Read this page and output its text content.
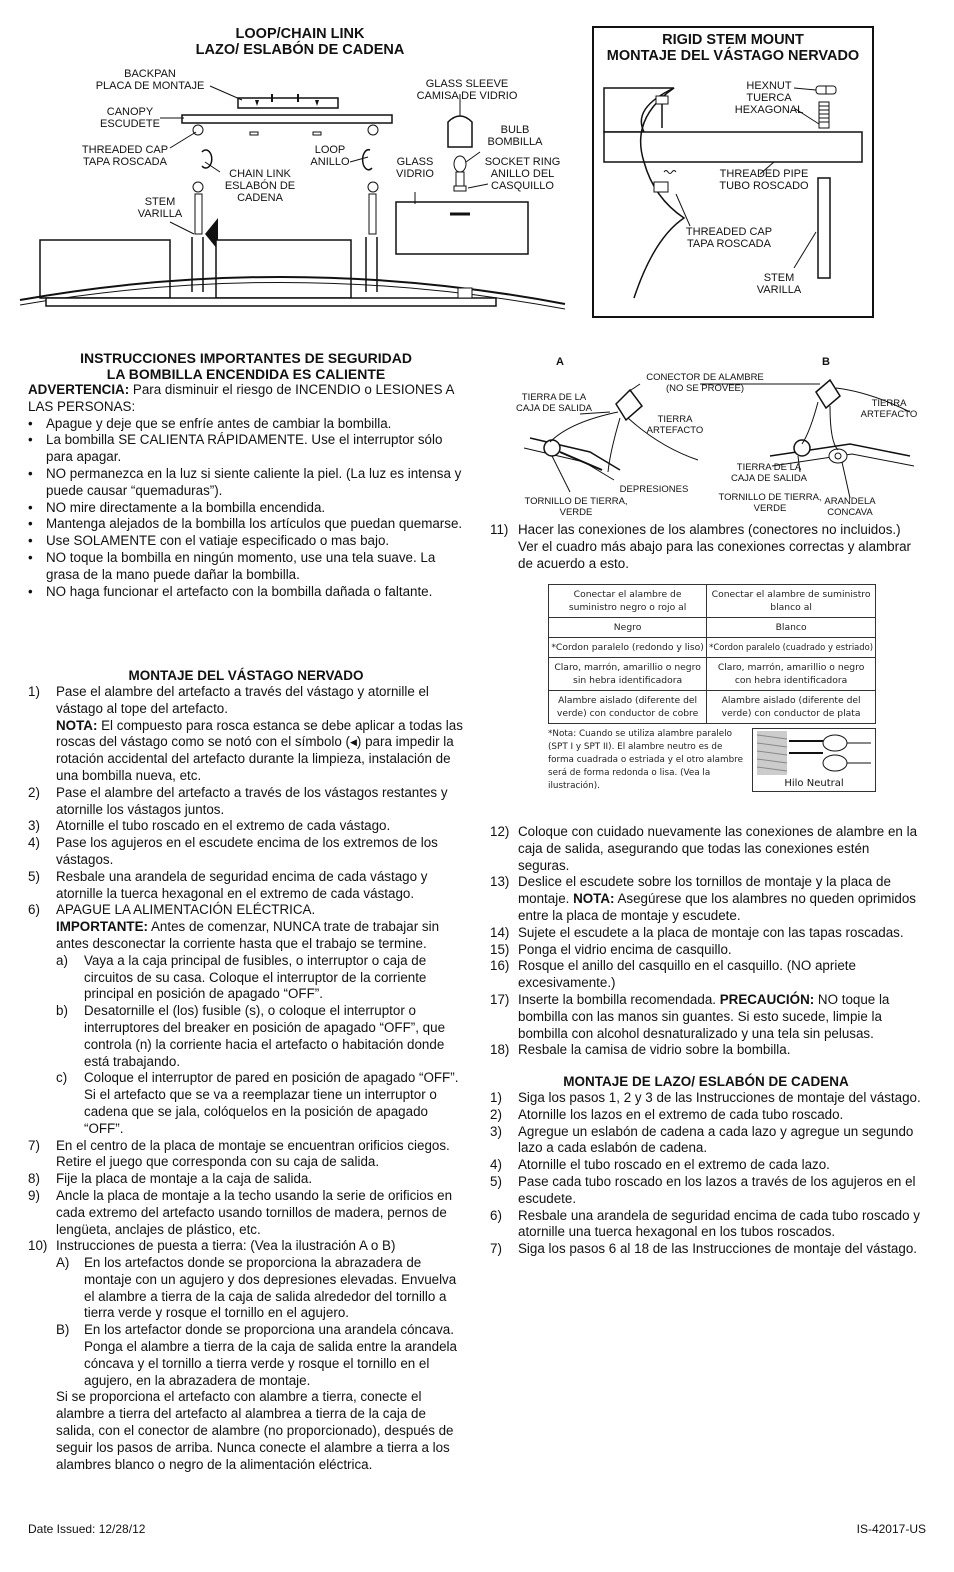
LOOP/CHAIN LINK
LAZO/ ESLABÓN DE CADENA
BACKPAN
PLACA DE MONTAJE
CANOPY
ESCUDETE
THREADED CAP
TAPA ROSCADA
CHAIN LINK
ESLABÓN DE
CADENA
STEM
VARILLA
LOOP
ANILLO	GLASS
VIDRIO
GLASS SLEEVE
CAMISA DE VIDRIO
BULB
BOMBILLA
SOCKET RING
ANILLO DEL
CASQUILLO
RIGID STEM MOUNT
MONTAJE DEL VÁSTAGO NERVADO
HEXNUT
TUERCA
HEXAGONAL
THREADED PIPE
TUBO ROSCADO
THREADED CAP
TAPA ROSCADA
STEM
VARILLA
INSTRUCCIONES IMPORTANTES DE SEGURIDAD
LA BOMBILLA ENCENDIDA ES CALIENTE
ADVERTENCIA: Para disminuir el riesgo de INCENDIO o LESIONES A LAS PERSONAS:
• Apague y deje que se enfríe antes de cambiar la bombilla.
• La bombilla SE CALIENTA RÁPIDAMENTE. Use el interruptor sólo para apagar.
• NO permanezca en la luz si siente caliente la piel. (La luz es intensa y puede causar “quemaduras”).
• NO mire directamente a la bombilla encendida.
• Mantenga alejados de la bombilla los artículos que puedan quemarse.
• Use SOLAMENTE con el vatiaje especificado o mas bajo.
• NO toque la bombilla en ningún momento, use una tela suave. La grasa de la mano puede dañar la bombilla.
• NO haga funcionar el artefacto con la bombilla dañada o faltante.
MONTAJE DEL VÁSTAGO NERVADO
1)	Pase el alambre del artefacto a través del vástago y atornille el vástago al tope del artefacto.
NOTA: El compuesto para rosca estanca se debe aplicar a todas las roscas del vástago como se notó con el símbolo (◀) para impedir la rotación accidental del artefacto durante la limpieza, instalación de una bombilla nueva, etc.
2)	Pase el alambre del artefacto a través de los vástagos restantes y atornille los vástagos juntos.
3)	Atornille el tubo roscado en el extremo de cada vástago.
4)	Pase los agujeros en el escudete encima de los extremos de los vástagos.
5)	Resbale una arandela de seguridad encima de cada vástago y atornille la tuerca hexagonal en el extremo de cada vástago.
6)	APAGUE LA ALIMENTACIÓN ELÉCTRICA.
IMPORTANTE: Antes de comenzar, NUNCA trate de trabajar sin antes desconectar la corriente hasta que el trabajo se termine.
a)	Vaya a la caja principal de fusibles, o interruptor o caja de circuitos de su casa. Coloque el interruptor de la corriente principal en posición de apagado “OFF”.
b)	Desatornille el (los) fusible (s), o coloque el interruptor o interruptores del breaker en posición de apagado “OFF”, que controla (n) la corriente hacia el artefacto o habitación donde está trabajando.
c)	Coloque el interruptor de pared en posición de apagado “OFF”. Si el artefacto que se va a reemplazar tiene un interruptor o cadena que se jala, colóquelos en la posición de apagado “OFF”.
7)	En el centro de la placa de montaje se encuentran orificios ciegos. Retire el juego que corresponda con su caja de salida.
8)	Fije la placa de montaje a la caja de salida.
9)	Ancle la placa de montaje a la techo usando la serie de orificios en cada extremo del artefacto usando tornillos de madera, pernos de lengüeta, anclajes de plástico, etc.
10) Instrucciones de puesta a tierra: (Vea la ilustración A o B)
A)	En los artefactos donde se proporciona la abrazadera de montaje con un agujero y dos depresiones elevadas. Envuelva el alambre a tierra de la caja de salida alrededor del tornillo a tierra verde y rosque el tornillo en el agujero.
B)	En los artefactor donde se proporciona una arandela cóncava. Ponga el alambre a tierra de la caja de salida entre la arandela cóncava y el tornillo a tierra verde y rosque el tornillo en el agujero, en la abrazadera de montaje.
Si se proporciona el artefacto con alambre a tierra, conecte el alambre a tierra del artefacto al alambrea a tierra de la caja de salida, con el conector de alambre (no proporcionado), después de seguir los pasos de arriba. Nunca conecte el alambre a tierra a los alambres blanco o negro de la alimentación eléctrica.
A	B
CONECTOR DE ALAMBRE
(NO SE PROVEE)
TIERRA DE LA
CAJA DE SALIDA
TIERRA
ARTEFACTO
DEPRESIONES
TORNILLO DE TIERRA,
VERDE
TIERRA
ARTEFACTO
TIERRA DE LA
CAJA DE SALIDA
TORNILLO DE TIERRA,
VERDE
ARANDELA
CONCAVA
11) Hacer las conexiones de los alambres (conectores no incluidos.) Ver el cuadro más abajo para las conexiones correctas y alambrar de acuerdo a esto.
Conectar el alambre de suministro negro o rojo al	Conectar el alambre de suministro blanco al
Negro	Blanco
*Cordon paralelo (redondo y liso)	*Cordon paralelo (cuadrado y estriado)
Claro, marrón, amarillio o negro sin hebra identificadora	Claro, marrón, amarillio o negro con hebra identificadora
Alambre aislado (diferente del verde) con conductor de cobre	Alambre aislado (diferente del verde) con conductor de plata
*Nota: Cuando se utiliza alambre paralelo (SPT I y SPT II). El alambre neutro es de forma cuadrada o estriada y el otro alambre será de forma redonda o lisa. (Vea la ilustración).	Hilo Neutral
12) Coloque con cuidado nuevamente las conexiones de alambre en la caja de salida, asegurando que todas las conexiones estén seguras.
13) Deslice el escudete sobre los tornillos de montaje y la placa de montaje. NOTA: Asegúrese que los alambres no queden oprimidos entre la placa de montaje y escudete.
14) Sujete el escudete a la placa de montaje con las tapas roscadas.
15) Ponga el vidrio encima de casquillo.
16) Rosque el anillo del casquillo en el casquillo. (NO apriete excesivamente.)
17) Inserte la bombilla recomendada. PRECAUCIÓN: NO toque la bombilla con las manos sin guantes. Si esto sucede, limpie la bombilla con alcohol desnaturalizado y una tela sin pelusas.
18) Resbale la camisa de vidrio sobre la bombilla.
MONTAJE DE LAZO/ ESLABÓN DE CADENA
1)	Siga los pasos 1, 2 y 3 de las Instrucciones de montaje del vástago.
2)	Atornille los lazos en el extremo de cada tubo roscado.
3)	Agregue un eslabón de cadena a cada lazo y agregue un segundo lazo a cada eslabón de cadena.
4)	Atornille el tubo roscado en el extremo de cada lazo.
5)	Pase cada tubo roscado en los lazos a través de los agujeros en el escudete.
6)	Resbale una arandela de seguridad encima de cada tubo roscado y atornille una tuerca hexagonal en los tubos roscados.
7)	Siga los pasos 6 al 18 de las Instrucciones de montaje del vástago.
Date Issued: 12/28/12	IS-42017-US
